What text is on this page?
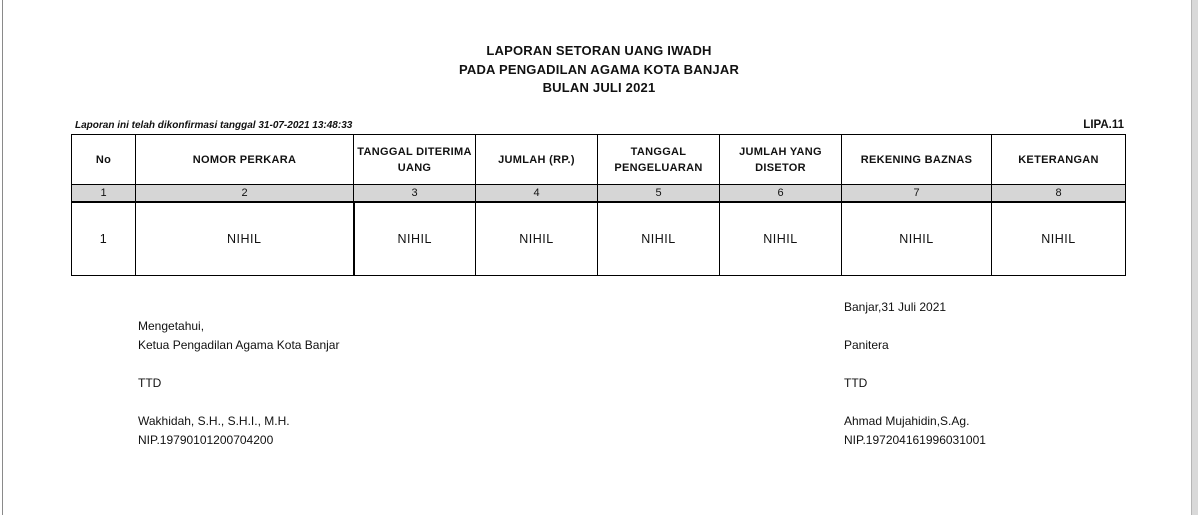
LAPORAN SETORAN UANG IWADH
PADA PENGADILAN AGAMA KOTA BANJAR
BULAN JULI 2021
Laporan ini telah dikonfirmasi tanggal 31-07-2021 13:48:33	LIPA.11
No	NOMOR PERKARA	TANGGAL DITERIMA UANG	JUMLAH (RP.)	TANGGAL PENGELUARAN	JUMLAH YANG DISETOR	REKENING BAZNAS	KETERANGAN
1	2	3	4	5	6	7	8
1	NIHIL	NIHIL	NIHIL	NIHIL	NIHIL	NIHIL	NIHIL
Mengetahui,
Ketua Pengadilan Agama Kota Banjar
TTD
Wakhidah, S.H., S.H.I., M.H.
NIP.19790101200704200
Banjar,31 Juli 2021
Panitera
TTD
Ahmad Mujahidin,S.Ag.
NIP.197204161996031001
